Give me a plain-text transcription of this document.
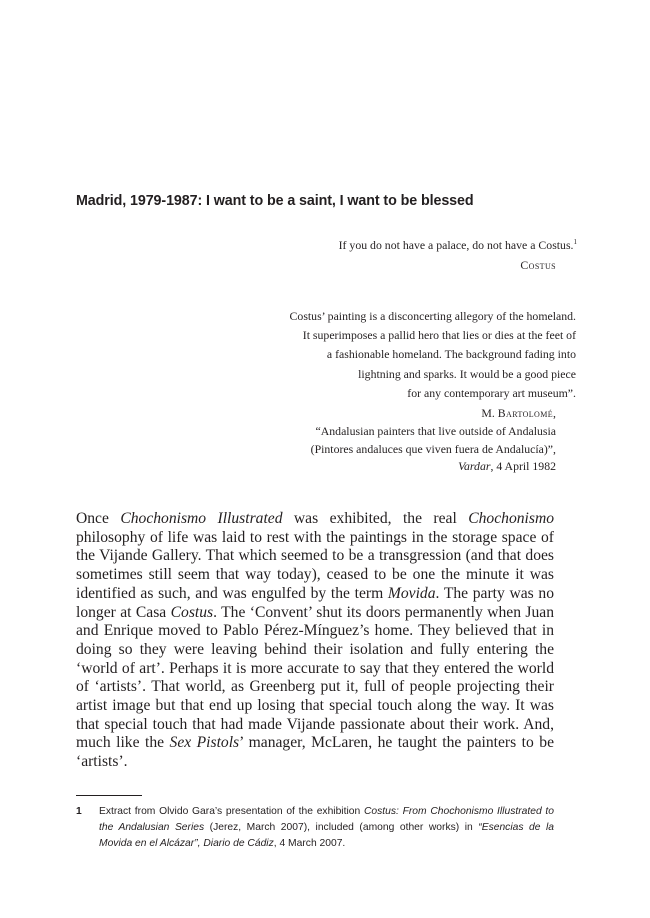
Madrid, 1979-1987: I want to be a saint, I want to be blessed
If you do not have a palace, do not have a Costus.$^1$
Costus
Costus’ painting is a disconcerting allegory of the homeland.
It superimposes a pallid hero that lies or dies at the feet of
a fashionable homeland. The background fading into
lightning and sparks. It would be a good piece
for any contemporary art museum”.
M. Bartolomé,
“Andalusian painters that live outside of Andalusia
(Pintores andaluces que viven fuera de Andalucía)”,
Vardar, 4 April 1982

Once Chochonismo Illustrated was exhibited, the real Chochonismo philosophy of life was laid to rest with the paintings in the storage space of the Vijande Gallery. That which seemed to be a transgression (and that does sometimes still seem that way today), ceased to be one the minute it was identified as such, and was engulfed by the term Movida. The party was no longer at Casa Costus. The ‘Convent’ shut its doors permanently when Juan and Enrique moved to Pablo Pérez-Mínguez’s home. They believed that in doing so they were leaving behind their isolation and fully entering the ‘world of art’. Perhaps it is more accurate to say that they entered the world of ‘artists’. That world, as Greenberg put it, full of people projecting their artist image but that end up losing that special touch along the way. It was that special touch that had made Vijande passionate about their work. And, much like the Sex Pistols’ manager, McLaren, he taught the painters to be ‘artists’.

1 Extract from Olvido Gara’s presentation of the exhibition Costus: From Chochonismo Illustrated to the Andalusian Series (Jerez, March 2007), included (among other works) in “Esencias de la Movida en el Alcázar”, Diario de Cádiz, 4 March 2007.
